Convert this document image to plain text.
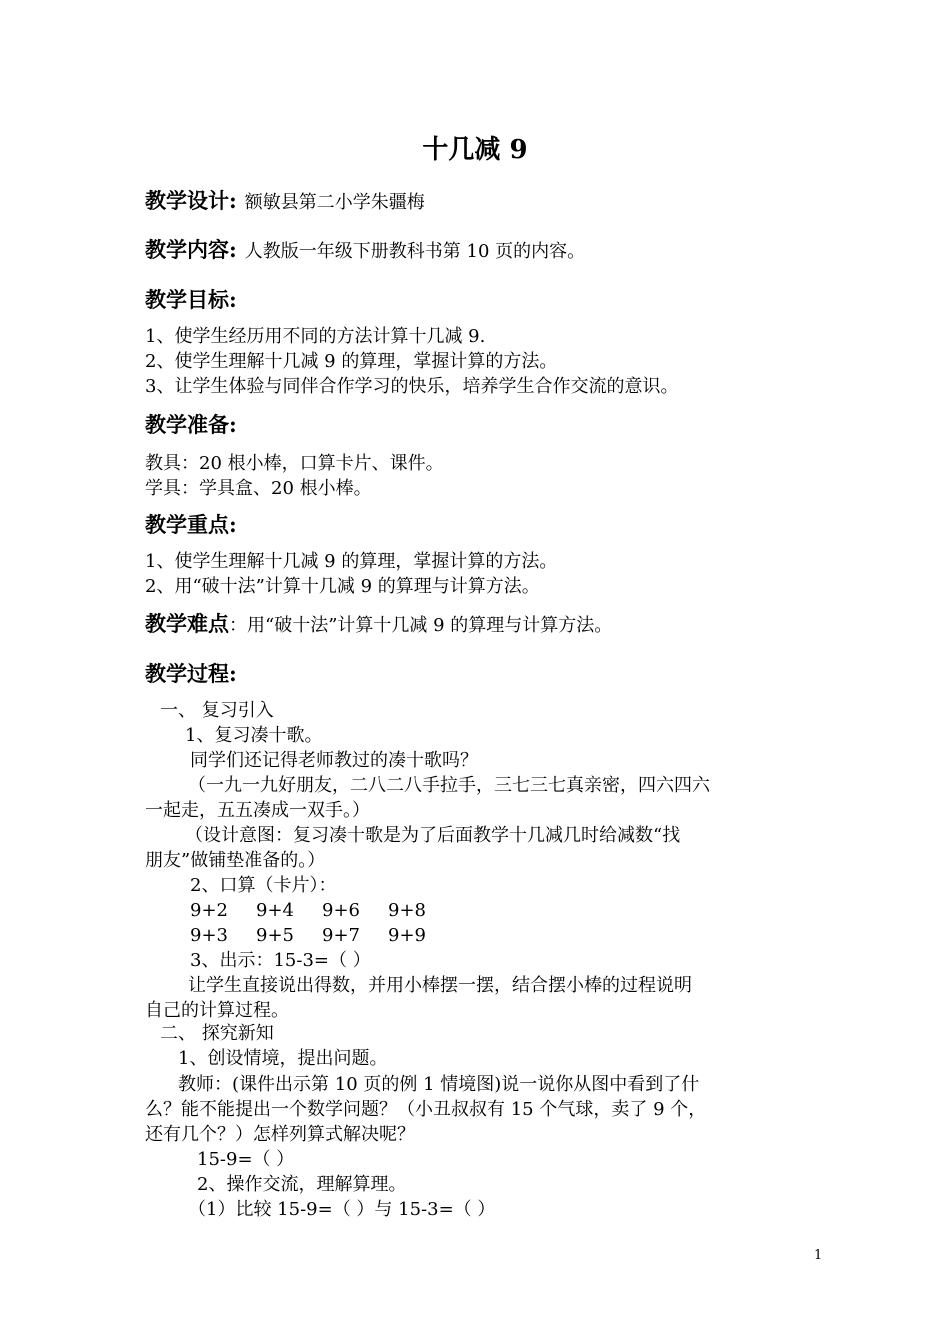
十几减 9
教学设计: 额敏县第二小学朱疆梅
教学内容: 人教版一年级下册教科书第 10 页的内容。
教学目标:
1、使学生经历用不同的方法计算十几减 9.
2、使学生理解十几减 9 的算理，掌握计算的方法。
3、让学生体验与同伴合作学习的快乐，培养学生合作交流的意识。
教学准备:
教具：20 根小棒，口算卡片、课件。
学具：学具盒、20 根小棒。
教学重点:
1、使学生理解十几减 9 的算理，掌握计算的方法。
2、用“破十法”计算十几减 9 的算理与计算方法。
教学难点：用“破十法”计算十几减 9 的算理与计算方法。
教学过程:
一、 复习引入
1、复习凑十歌。
同学们还记得老师教过的凑十歌吗？
（一九一九好朋友，二八二八手拉手，三七三七真亲密，四六四六
一起走，五五凑成一双手。）
（设计意图：复习凑十歌是为了后面教学十几减几时给减数“找
朋友”做铺垫准备的。）
2、口算（卡片）：
9+2 9+4 9+6 9+8
9+3 9+5 9+7 9+9
3、出示：15-3=（ ）
让学生直接说出得数，并用小棒摆一摆，结合摆小棒的过程说明
自己的计算过程。
二、 探究新知
1、创设情境，提出问题。
教师：(课件出示第 10 页的例 1 情境图)说一说你从图中看到了什
么？能不能提出一个数学问题？（小丑叔叔有 15 个气球，卖了 9 个，
还有几个？）怎样列算式解决呢？
15-9=（ ）
2、操作交流，理解算理。
（1）比较 15-9=（ ）与 15-3=（ ）
1
